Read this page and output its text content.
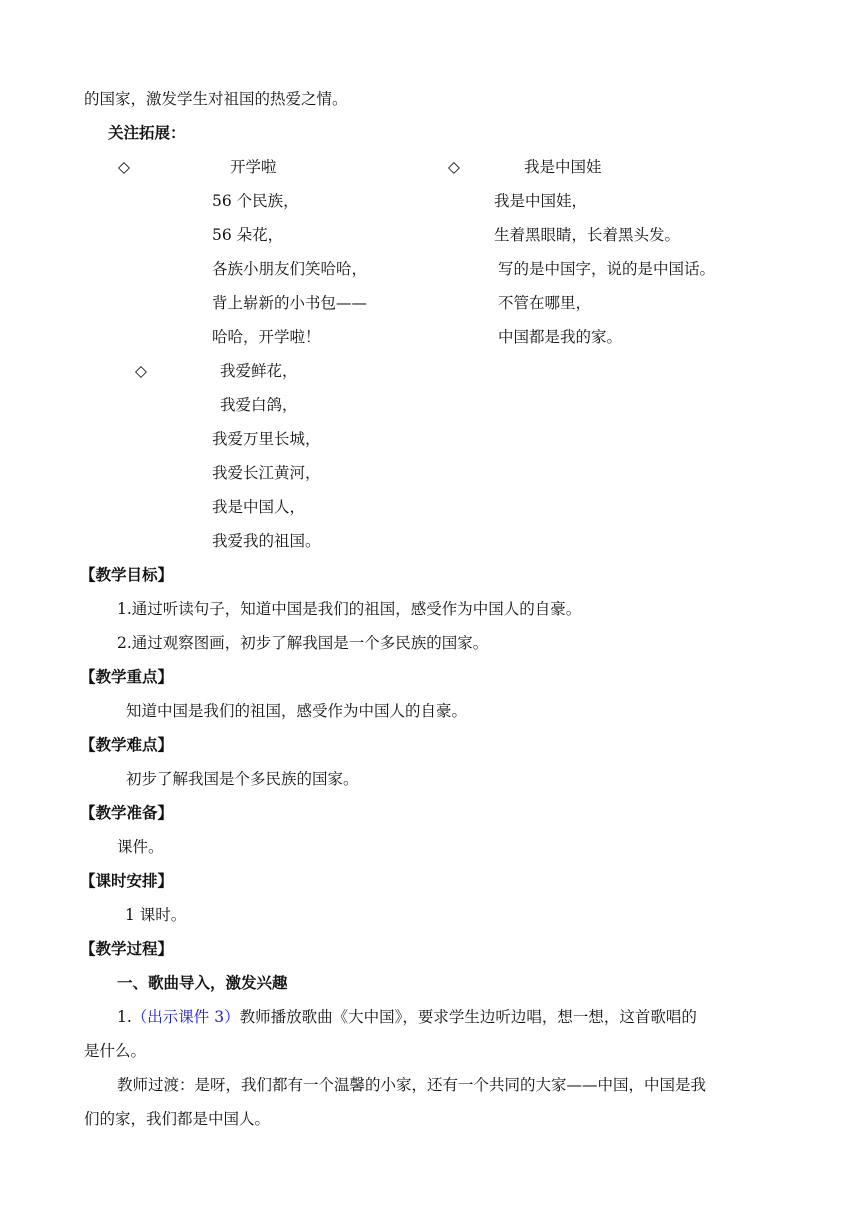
的国家，激发学生对祖国的热爱之情。
关注拓展：
◇	开学啦
56 个民族，
56 朵花，
各族小朋友们笑哈哈，
背上崭新的小书包——
哈哈，开学啦！
◇	我是中国娃
我是中国娃，
生着黑眼睛，长着黑头发。
写的是中国字，说的是中国话。
不管在哪里，
中国都是我的家。
◇	我爱鲜花，
我爱白鸽，
我爱万里长城，
我爱长江黄河，
我是中国人，
我爱我的祖国。
【教学目标】
1.通过听读句子，知道中国是我们的祖国，感受作为中国人的自豪。
2.通过观察图画，初步了解我国是一个多民族的国家。
【教学重点】
知道中国是我们的祖国，感受作为中国人的自豪。
【教学难点】
初步了解我国是个多民族的国家。
【教学准备】
课件。
【课时安排】
1 课时。
【教学过程】
一、歌曲导入，激发兴趣
1.（出示课件 3）教师播放歌曲《大中国》，要求学生边听边唱，想一想，这首歌唱的
是什么。
教师过渡：是呀，我们都有一个温馨的小家，还有一个共同的大家——中国，中国是我
们的家，我们都是中国人。
